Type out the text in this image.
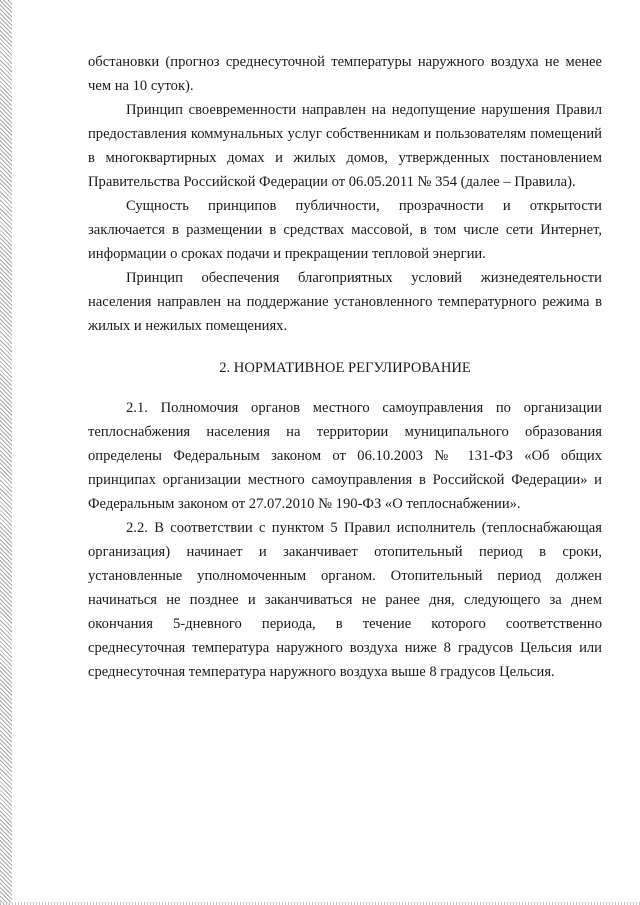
обстановки (прогноз среднесуточной температуры наружного воздуха не менее чем на 10 суток).

Принцип своевременности направлен на недопущение нарушения Правил предоставления коммунальных услуг собственникам и пользователям помещений в многоквартирных домах и жилых домов, утвержденных постановлением Правительства Российской Федерации от 06.05.2011 № 354 (далее – Правила).

Сущность принципов публичности, прозрачности и открытости заключается в размещении в средствах массовой, в том числе сети Интернет, информации о сроках подачи и прекращении тепловой энергии.

Принцип обеспечения благоприятных условий жизнедеятельности населения направлен на поддержание установленного температурного режима в жилых и нежилых помещениях.

2. НОРМАТИВНОЕ РЕГУЛИРОВАНИЕ

2.1. Полномочия органов местного самоуправления по организации теплоснабжения населения на территории муниципального образования определены Федеральным законом от 06.10.2003 № 131-ФЗ «Об общих принципах организации местного самоуправления в Российской Федерации» и Федеральным законом от 27.07.2010 № 190-ФЗ «О теплоснабжении».

2.2. В соответствии с пунктом 5 Правил исполнитель (теплоснабжающая организация) начинает и заканчивает отопительный период в сроки, установленные уполномоченным органом. Отопительный период должен начинаться не позднее и заканчиваться не ранее дня, следующего за днем окончания 5-дневного периода, в течение которого соответственно среднесуточная температура наружного воздуха ниже 8 градусов Цельсия или среднесуточная температура наружного воздуха выше 8 градусов Цельсия.
